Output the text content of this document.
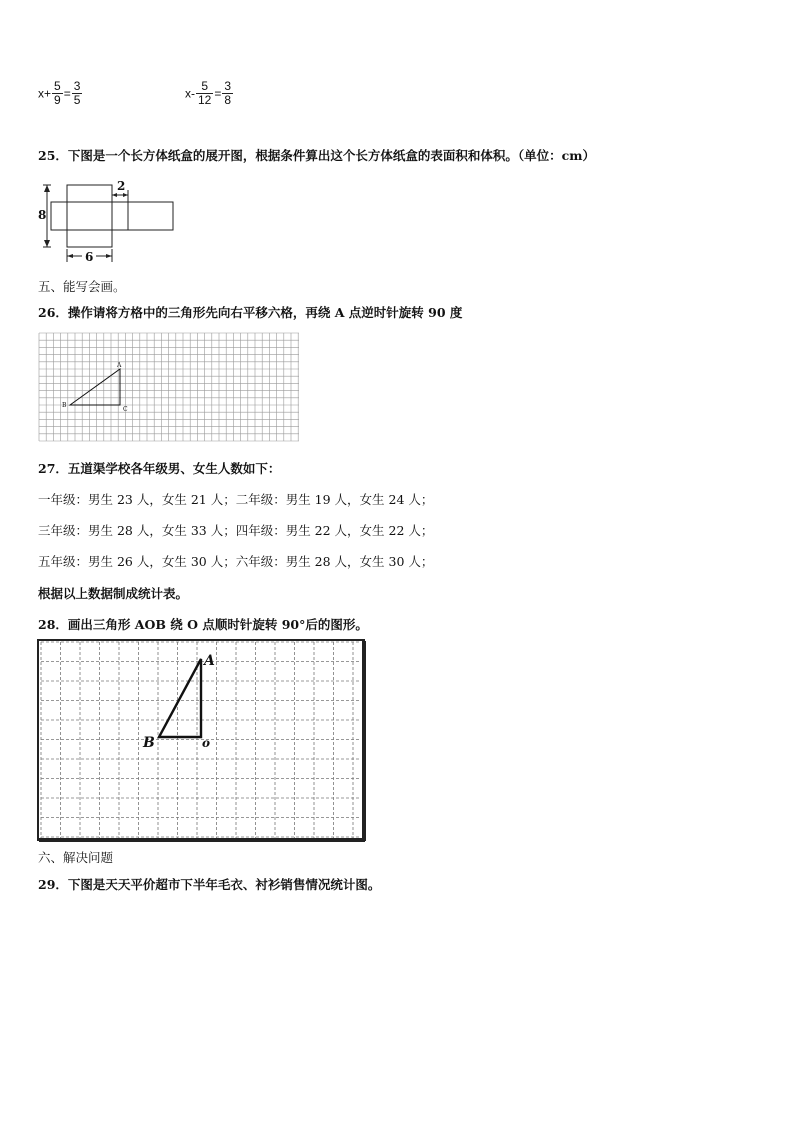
$x+ \frac{5}{9} = \frac{3}{5}$	$x- \frac{5}{12} = \frac{3}{8}$
25．下图是一个长方体纸盒的展开图，根据条件算出这个长方体纸盒的表面积和体积。（单位：cm）
8
2
6
五、能写会画。
26．操作请将方格中的三角形先向右平移六格，再绕 A 点逆时针旋转 90 度
A
B
C
27．五道渠学校各年级男、女生人数如下：
一年级：男生 23 人，女生 21 人；二年级：男生 19 人，女生 24 人；
三年级：男生 28 人，女生 33 人；四年级：男生 22 人，女生 22 人；
五年级：男生 26 人，女生 30 人；六年级：男生 28 人，女生 30 人；
根据以上数据制成统计表。
28．画出三角形 AOB 绕 O 点顺时针旋转 90°后的图形。
A
B	o
六、解决问题
29．下图是天天平价超市下半年毛衣、衬衫销售情况统计图。
